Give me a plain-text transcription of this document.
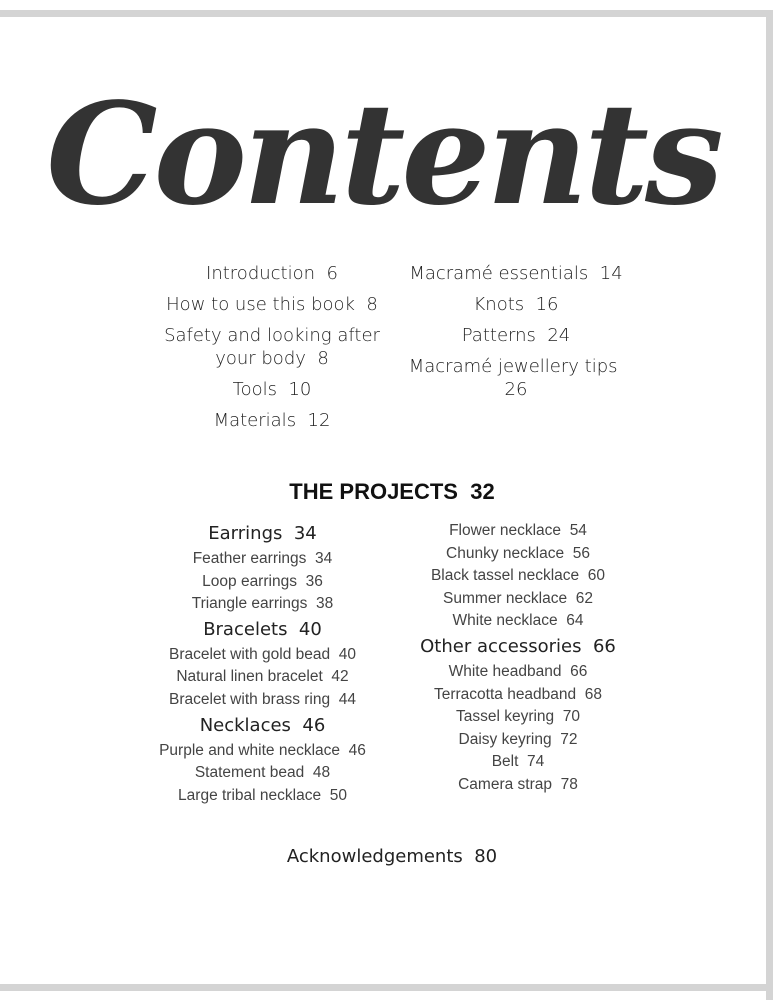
Contents
Introduction 6
How to use this book 8
Safety and looking after your body 8
Tools 10
Materials 12
Macramé essentials 14
Knots 16
Patterns 24
Macramé jewellery tips  26
THE PROJECTS 32
Earrings 34
Feather earrings 34
Loop earrings 36
Triangle earrings 38
Bracelets 40
Bracelet with gold bead 40
Natural linen bracelet 42
Bracelet with brass ring 44
Necklaces 46
Purple and white necklace 46
Statement bead 48
Large tribal necklace 50
Flower necklace 54
Chunky necklace 56
Black tassel necklace 60
Summer necklace 62
White necklace 64
Other accessories 66
White headband 66
Terracotta headband 68
Tassel keyring 70
Daisy keyring 72
Belt 74
Camera strap 78
Acknowledgements 80
